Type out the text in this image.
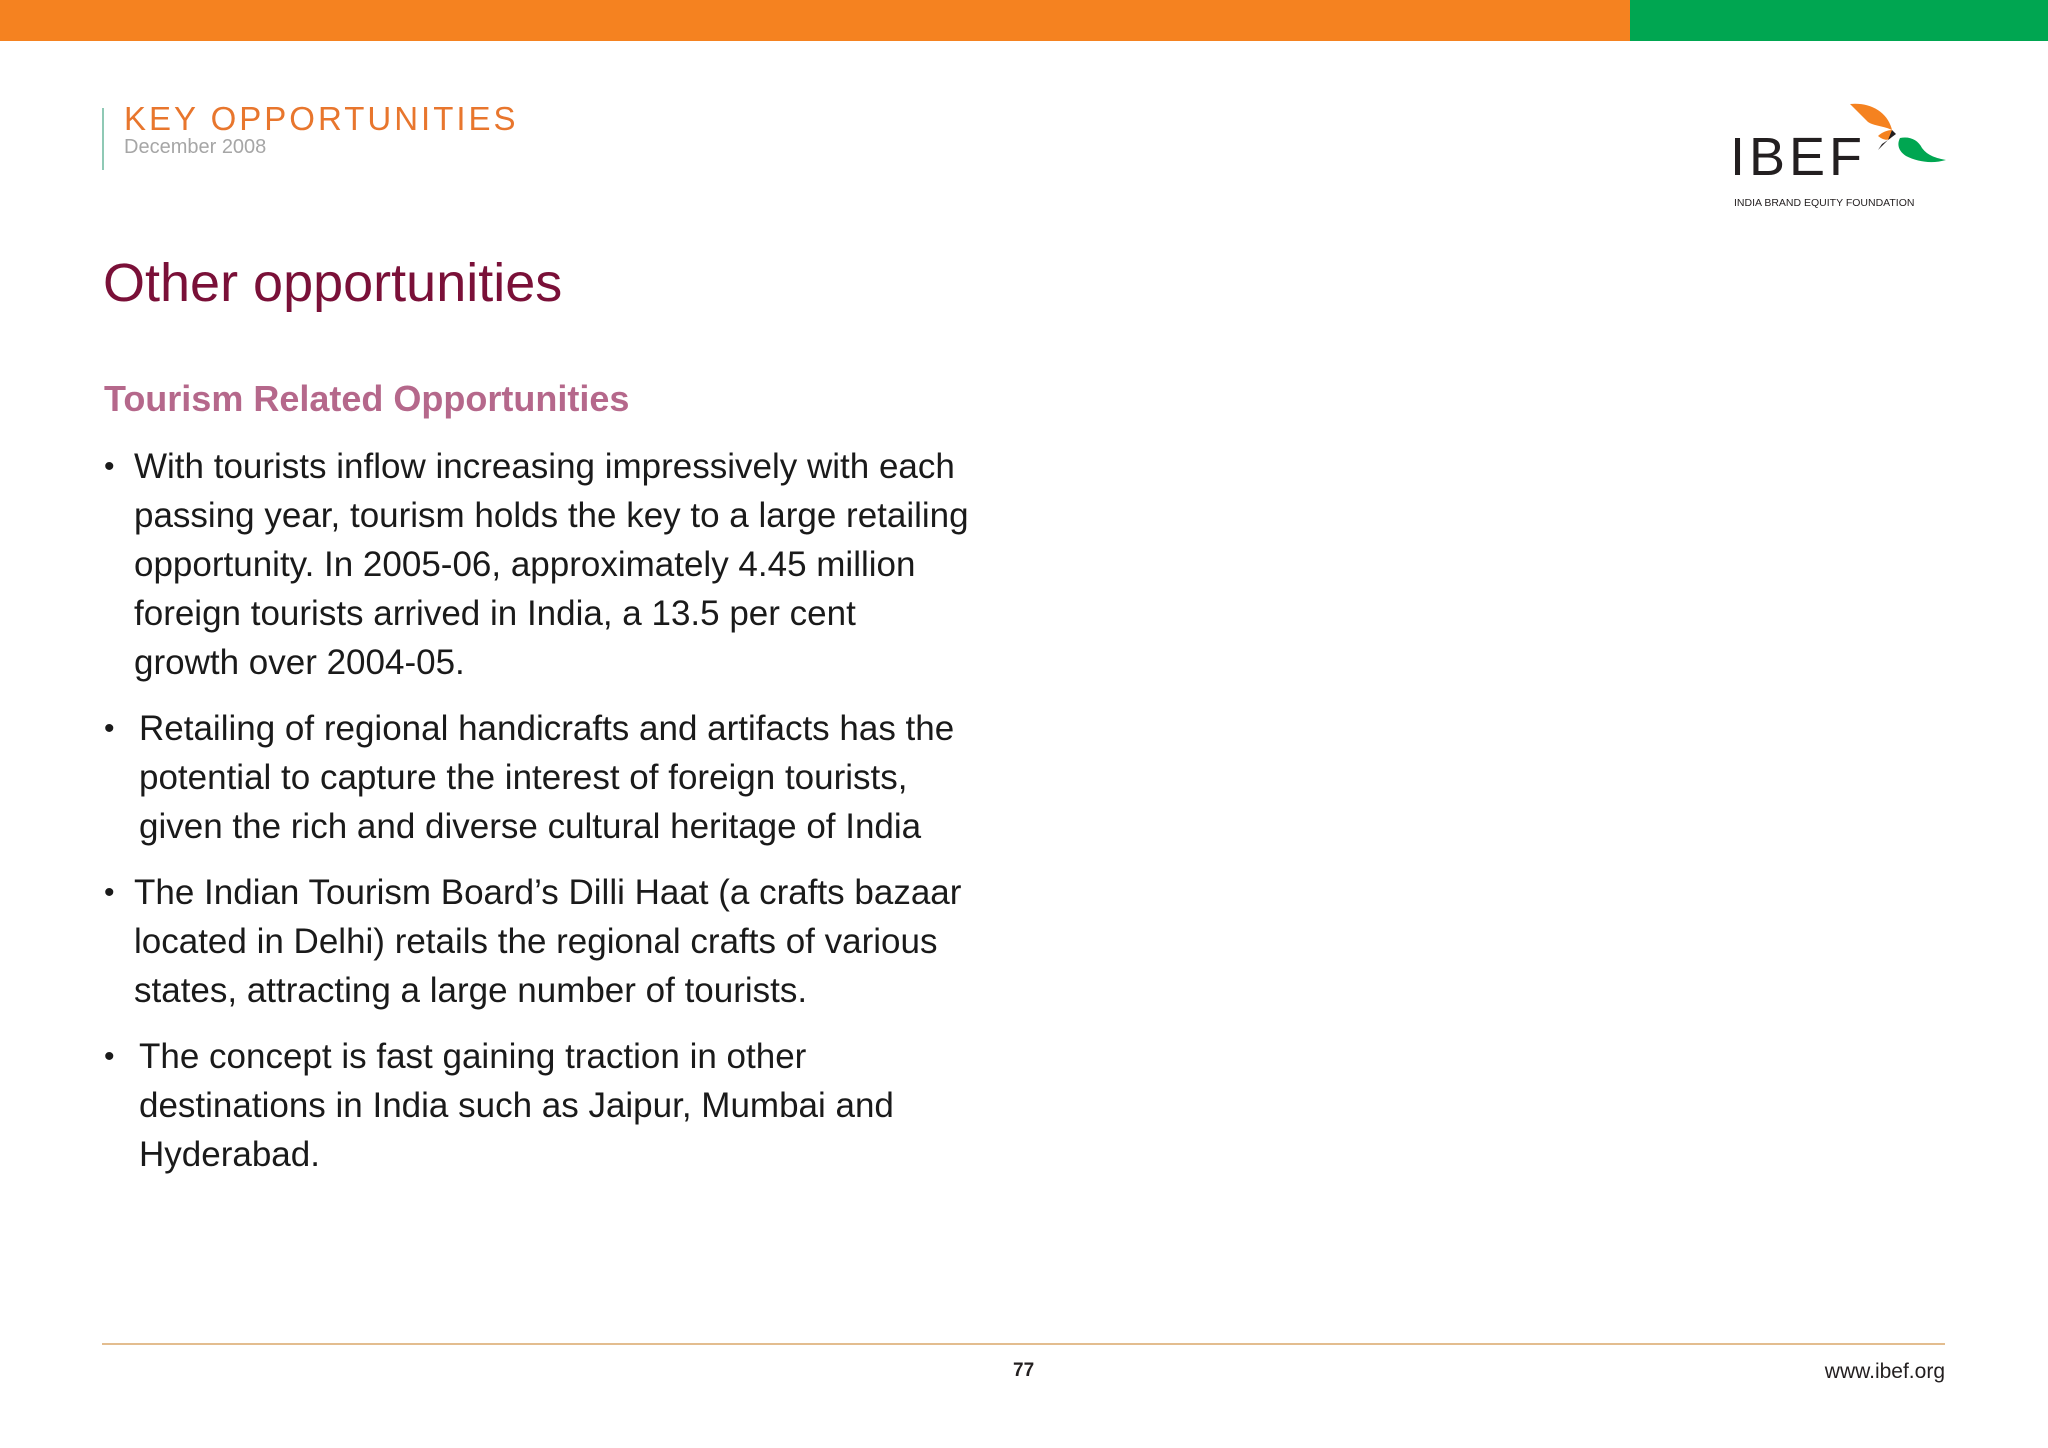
KEY OPPORTUNITIES
December 2008	IBEF
INDIA BRAND EQUITY FOUNDATION
Other opportunities
Tourism Related Opportunities
• With tourists inflow increasing impressively with each
passing year, tourism holds the key to a large retailing
opportunity. In 2005-06, approximately 4.45 million
foreign tourists arrived in India, a 13.5 per cent
growth over 2004-05.
• Retailing of regional handicrafts and artifacts has the
potential to capture the interest of foreign tourists,
given the rich and diverse cultural heritage of India
• The Indian Tourism Board’s Dilli Haat (a crafts bazaar
located in Delhi) retails the regional crafts of various
states, attracting a large number of tourists.
• The concept is fast gaining traction in other
destinations in India such as Jaipur, Mumbai and
Hyderabad.
77	www.ibef.org
